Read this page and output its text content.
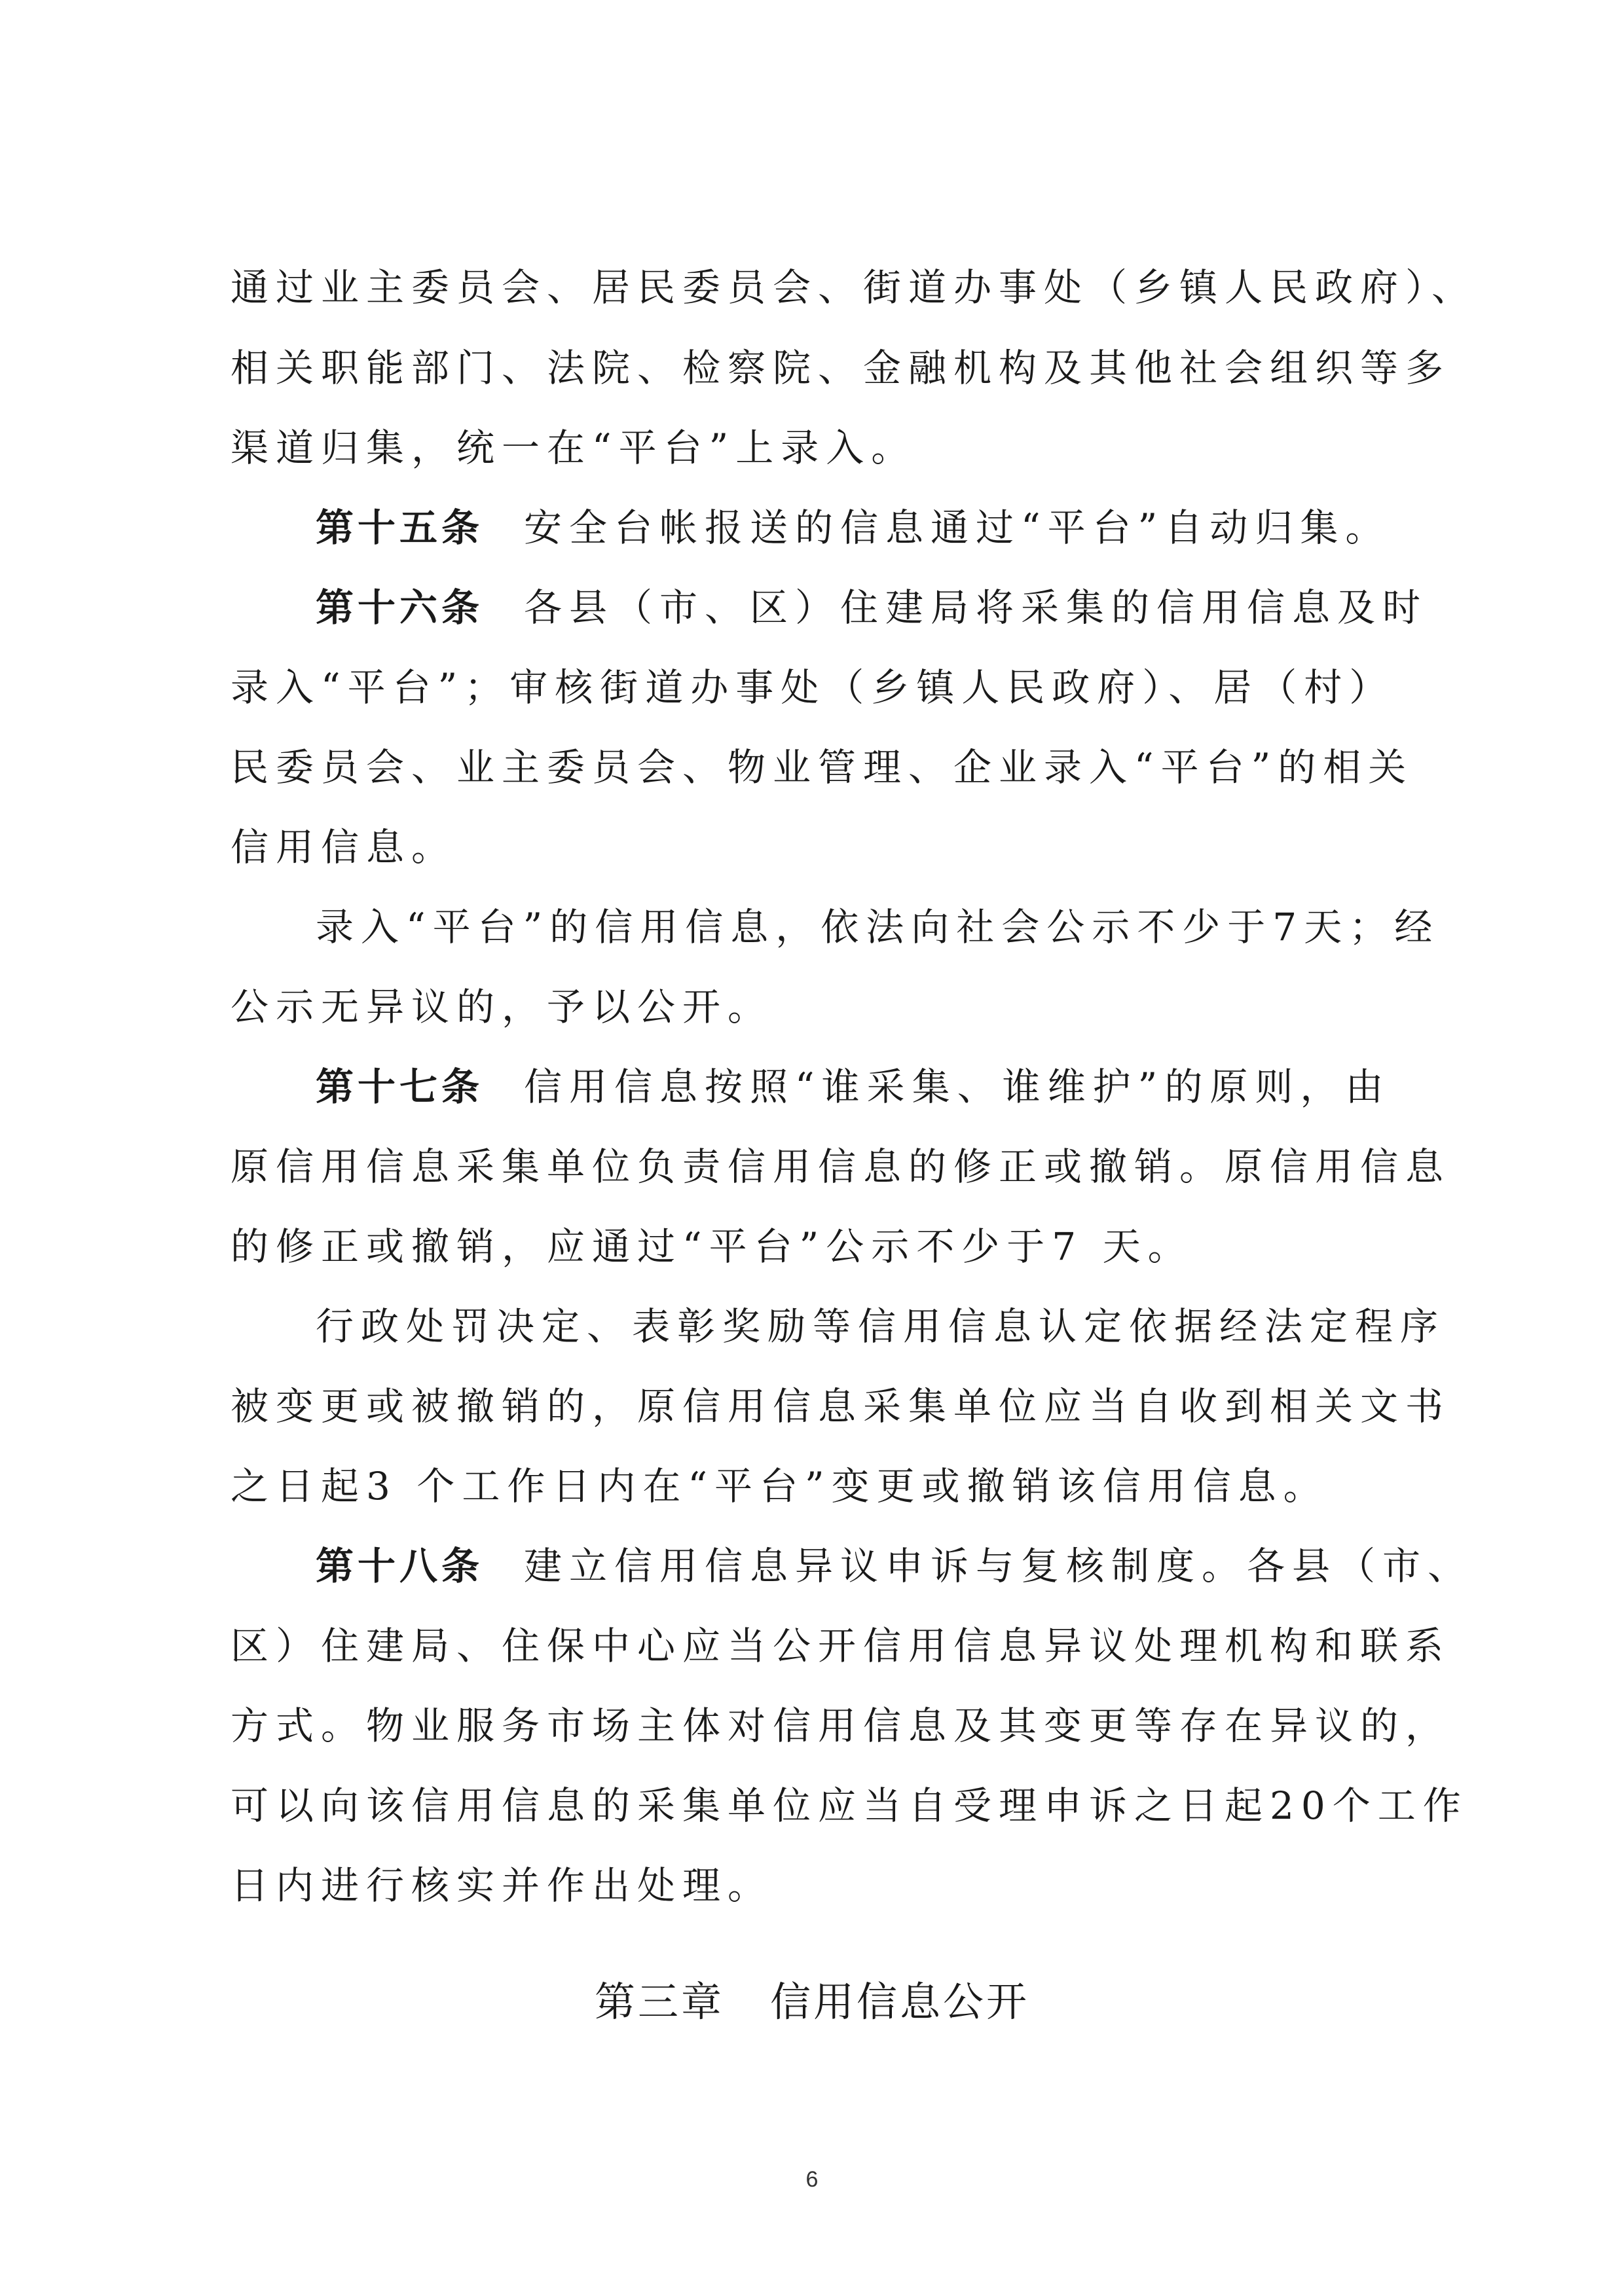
通过业主委员会、居民委员会、街道办事处（乡镇人民政府）、
相关职能部门、法院、检察院、金融机构及其他社会组织等多
渠道归集，统一在“平台”上录入。
第十五条 安全台帐报送的信息通过“平台”自动归集。
第十六条 各县（市、区）住建局将采集的信用信息及时
录入“平台”；审核街道办事处（乡镇人民政府）、居（村）
民委员会、业主委员会、物业管理、企业录入“平台”的相关
信用信息。
录入“平台”的信用信息，依法向社会公示不少于7天；经
公示无异议的，予以公开。
第十七条 信用信息按照“谁采集、谁维护”的原则，由
原信用信息采集单位负责信用信息的修正或撤销。原信用信息
的修正或撤销，应通过“平台”公示不少于7 天。
行政处罚决定、表彰奖励等信用信息认定依据经法定程序
被变更或被撤销的，原信用信息采集单位应当自收到相关文书
之日起3 个工作日内在“平台”变更或撤销该信用信息。
第十八条 建立信用信息异议申诉与复核制度。各县（市、
区）住建局、住保中心应当公开信用信息异议处理机构和联系
方式。物业服务市场主体对信用信息及其变更等存在异议的，
可以向该信用信息的采集单位应当自受理申诉之日起20个工作
日内进行核实并作出处理。
第三章 信用信息公开
6
